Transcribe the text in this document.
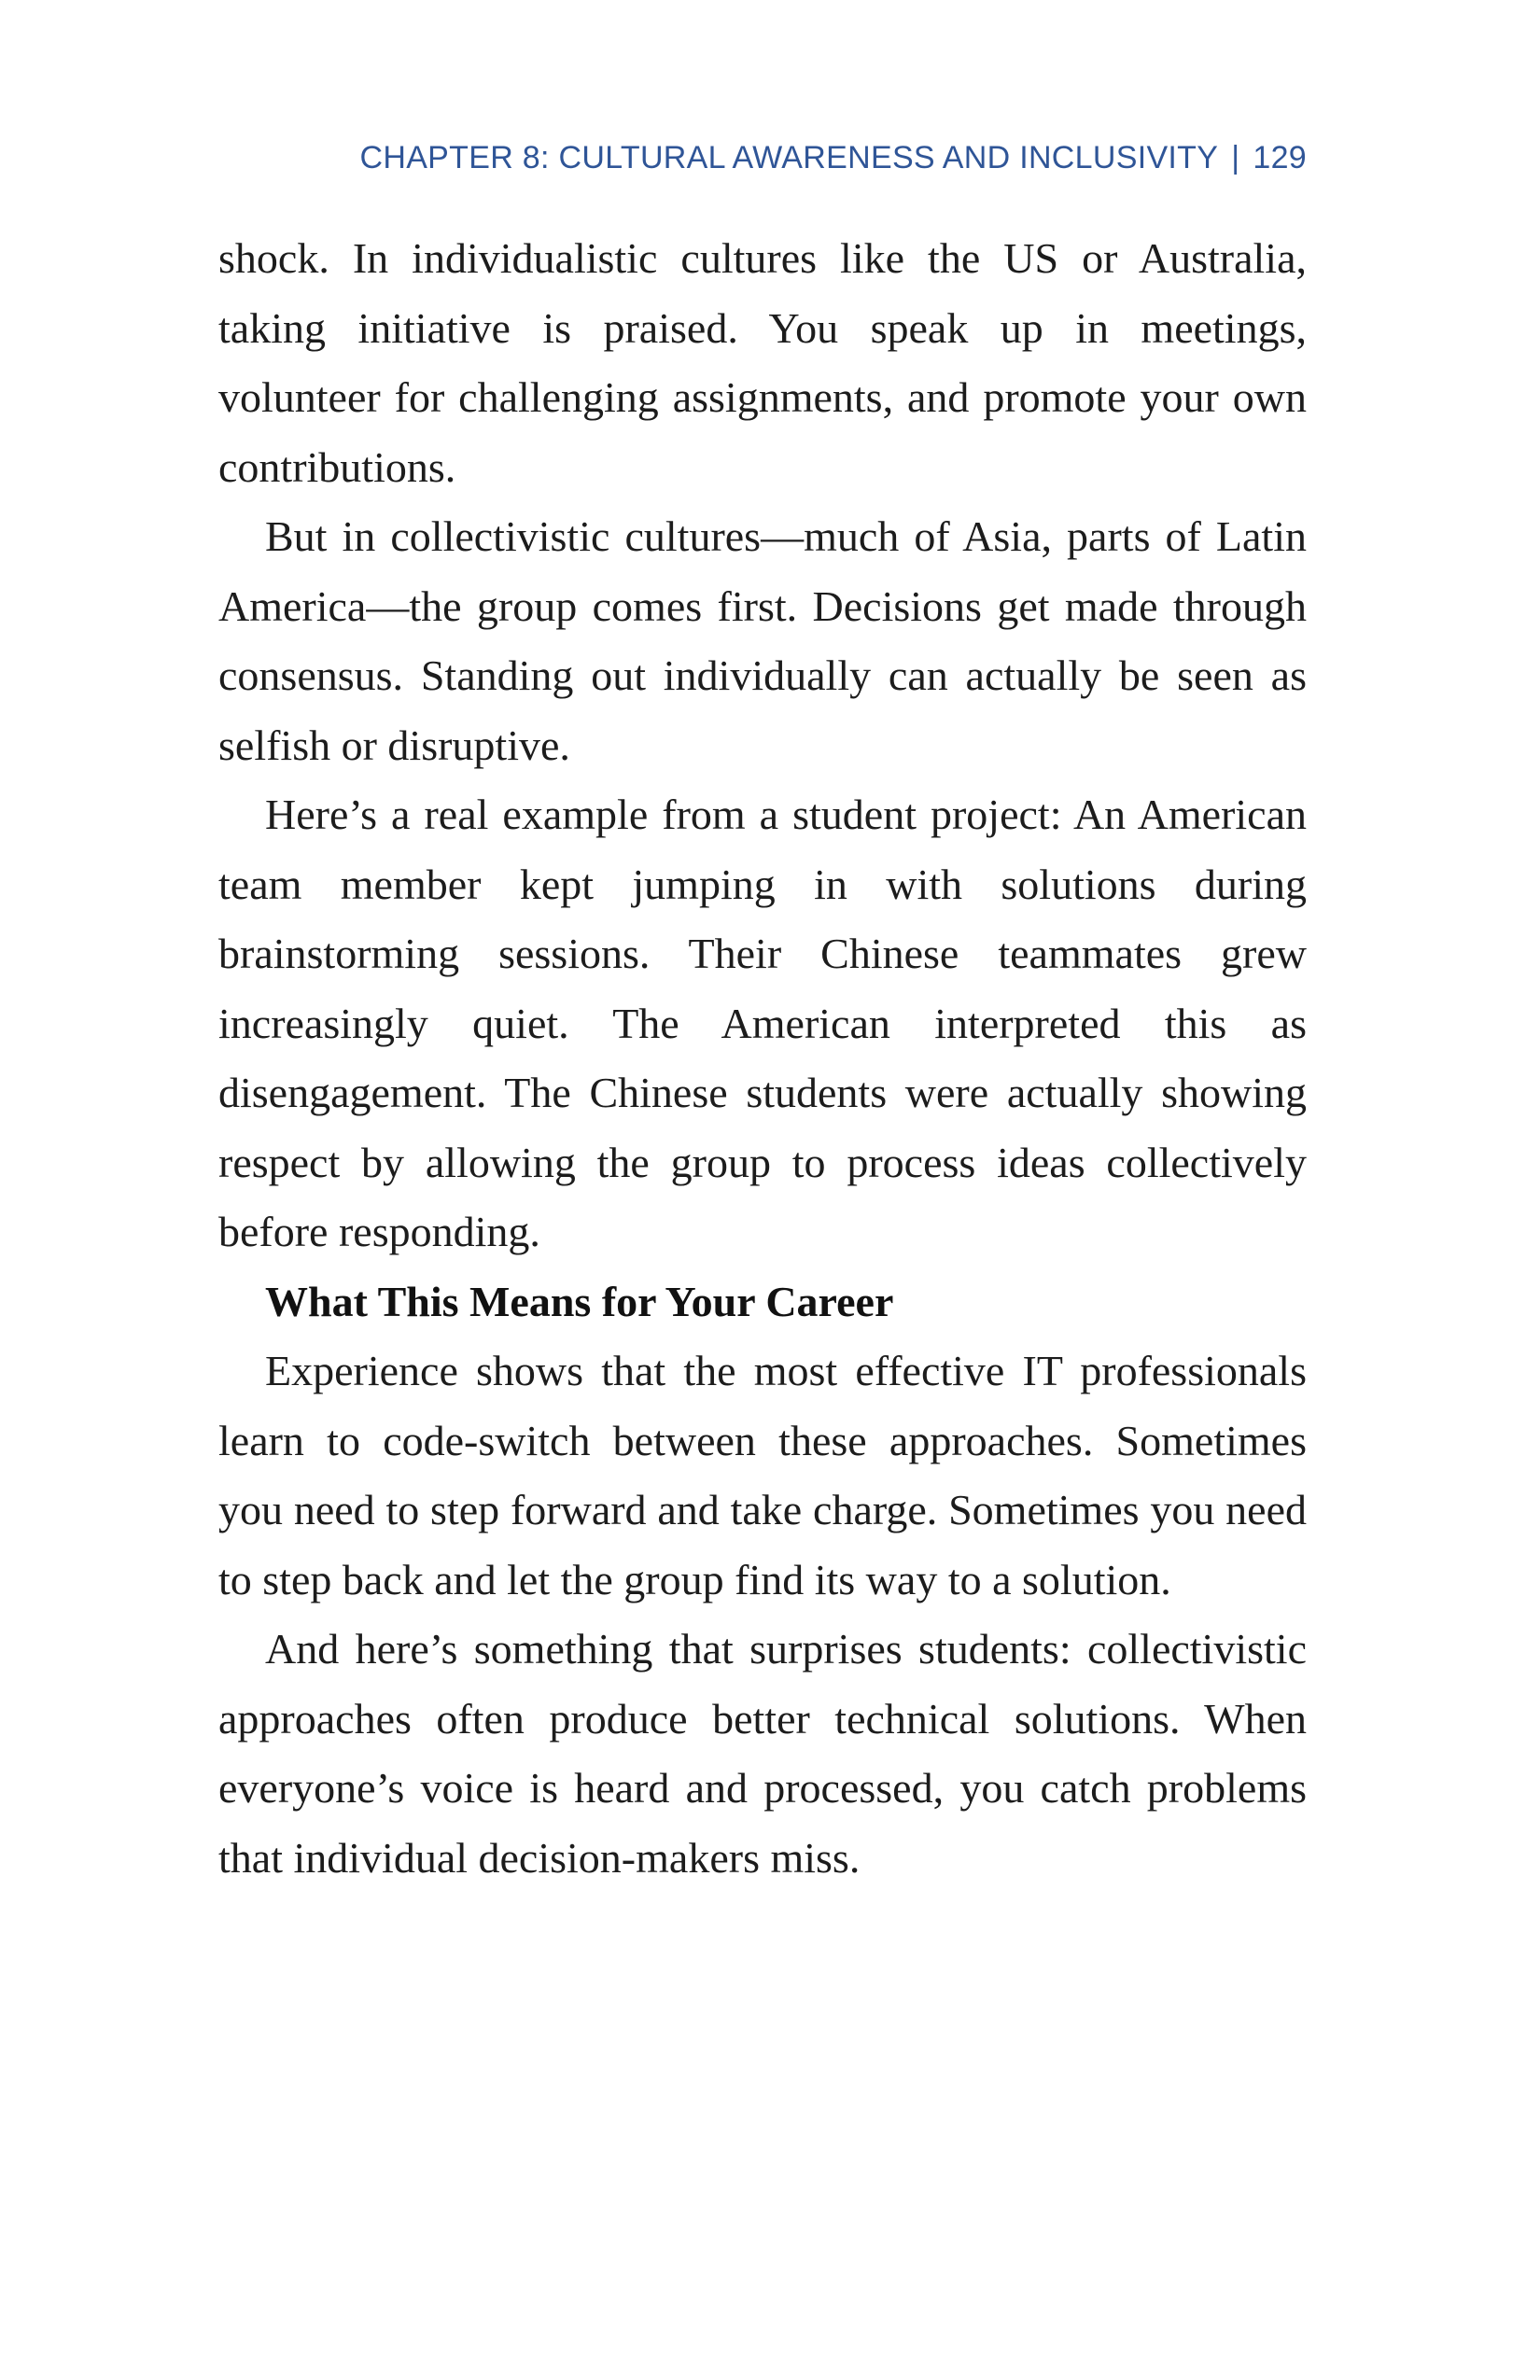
CHAPTER 8: CULTURAL AWARENESS AND INCLUSIVITY | 129

shock. In individualistic cultures like the US or Australia, taking initiative is praised. You speak up in meetings, volunteer for challenging assignments, and promote your own contributions.

But in collectivistic cultures—much of Asia, parts of Latin America—the group comes first. Decisions get made through consensus. Standing out individually can actually be seen as selfish or disruptive.

Here’s a real example from a student project: An American team member kept jumping in with solutions during brainstorming sessions. Their Chinese teammates grew increasingly quiet. The American interpreted this as disengagement. The Chinese students were actually showing respect by allowing the group to process ideas collectively before responding.

What This Means for Your Career

Experience shows that the most effective IT professionals learn to code-switch between these approaches. Sometimes you need to step forward and take charge. Sometimes you need to step back and let the group find its way to a solution.

And here’s something that surprises students: collectivistic approaches often produce better technical solutions. When everyone’s voice is heard and processed, you catch problems that individual decision-makers miss.
